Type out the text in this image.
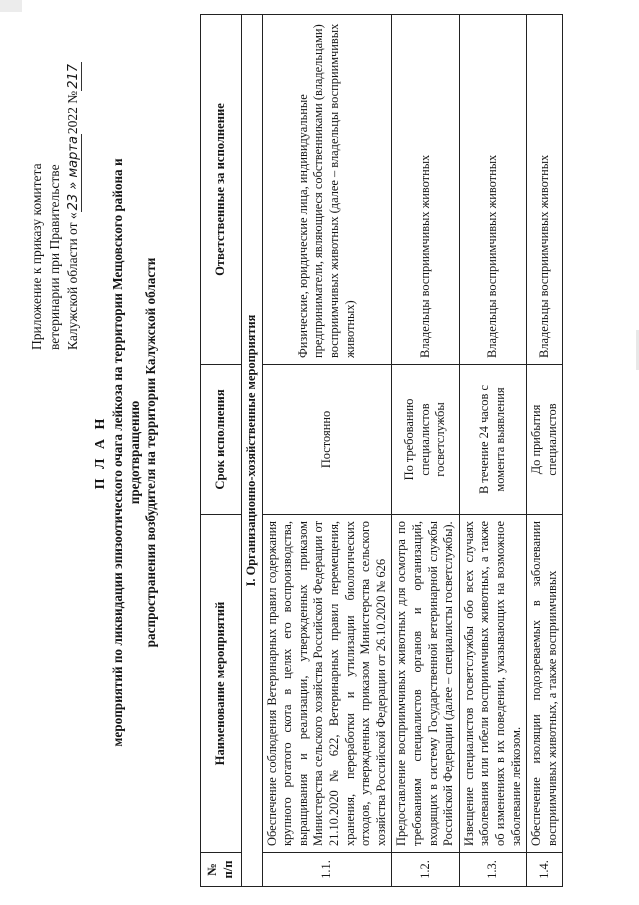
Приложение к приказу комитета ветеринарии при Правительстве Калужской области от «23» марта2022 №217
П Л А Н мероприятий по ликвидации эпизоотического очага лейкоза на территории Мещовского района и предотвращению распространения возбудителя на территории Калужской области
№ п/п	Наименование мероприятий	Срок исполнения	Ответственные за исполнение
I. Организационно-хозяйственные мероприятия			
1.1.	Обеспечение соблюдения Ветеринарных правил содержания крупного рогатого скота в целях его воспроизводства, выращивания и реализации, утвержденных приказом Министерства сельского хозяйства Российской Федерации от 21.10.2020 № 622, Ветеринарных правил перемещения, хранения, переработки и утилизации биологических отходов, утвержденных приказом Министерства сельского хозяйства Российской Федерации от 26.10.2020 № 626	Постоянно	Физические, юридические лица, индивидуальные предприниматели, являющиеся собственниками (владельцами) восприимчивых животных (далее – владельцы восприимчивых животных)
1.2.	Предоставление восприимчивых животных для осмотра по требованиям специалистов органов и организаций, входящих в систему Государственной ветеринарной службы Российской Федерации (далее – специалисты госветслужбы).	По требованию специалистов госветслужбы	Владельцы восприимчивых животных
1.3.	Извещение специалистов госветслужбы обо всех случаях заболевания или гибели восприимчивых животных, а также об изменениях в их поведении, указывающих на возможное заболевание лейкозом.	В течение 24 часов с момента выявления	Владельцы восприимчивых животных
1.4.	Обеспечение изоляции подозреваемых в заболевании восприимчивых животных, а также восприимчивых	До прибытия специалистов	Владельцы восприимчивых животных
